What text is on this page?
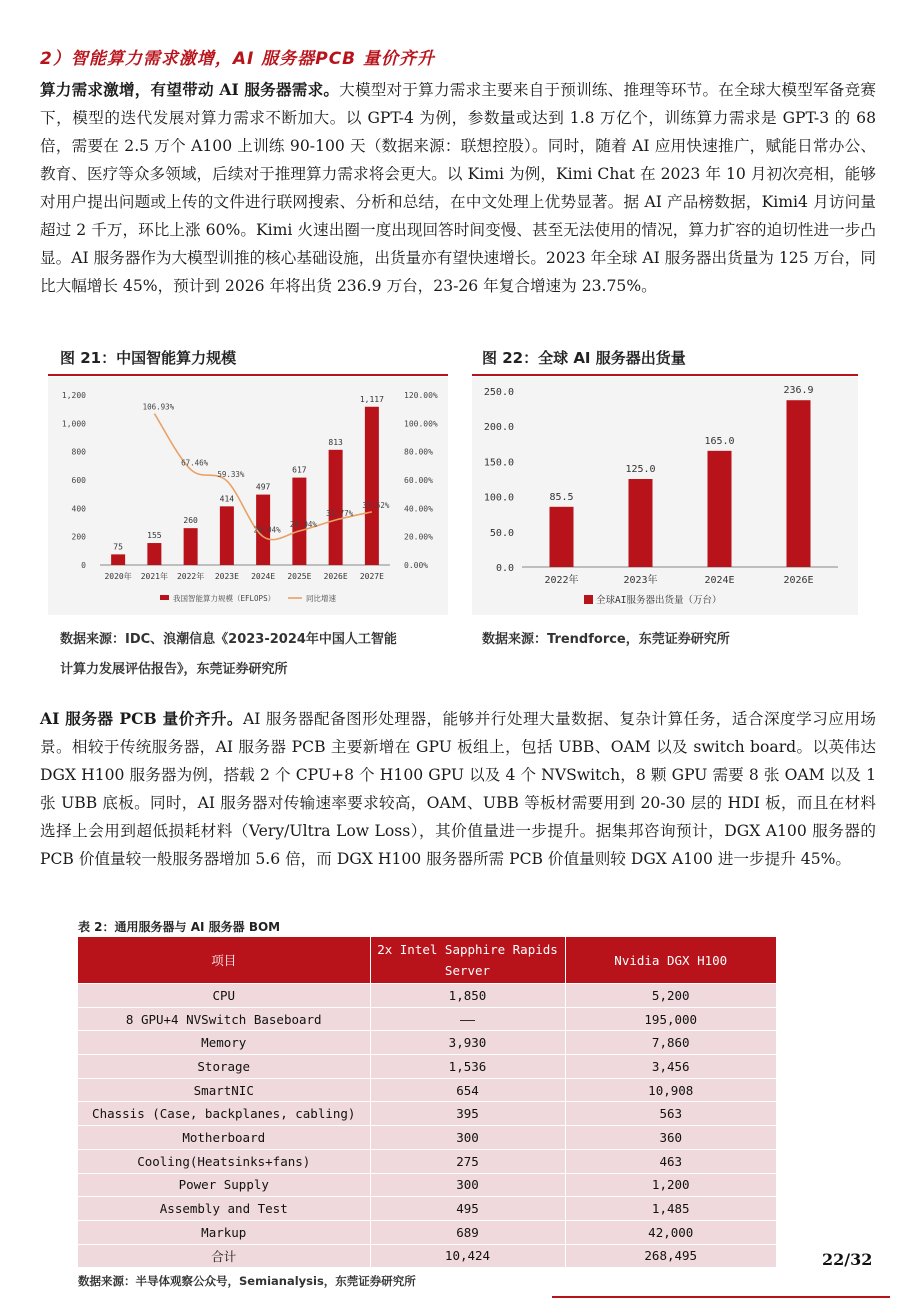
2）智能算力需求激增，AI 服务器PCB 量价齐升

算力需求激增，有望带动 AI 服务器需求。大模型对于算力需求主要来自于预训练、推理等环节。在全球大模型军备竞赛下，模型的迭代发展对算力需求不断加大。以 GPT-4 为例，参数量或达到 1.8 万亿个，训练算力需求是 GPT-3 的 68 倍，需要在 2.5 万个 A100 上训练 90-100 天（数据来源：联想控股）。同时，随着 AI 应用快速推广，赋能日常办公、教育、医疗等众多领域，后续对于推理算力需求将会更大。以 Kimi 为例，Kimi Chat 在 2023 年 10 月初次亮相，能够对用户提出问题或上传的文件进行联网搜索、分析和总结，在中文处理上优势显著。据 AI 产品榜数据，Kimi4 月访问量超过 2 千万，环比上涨 60%。Kimi 火速出圈一度出现回答时间变慢、甚至无法使用的情况，算力扩容的迫切性进一步凸显。AI 服务器作为大模型训推的核心基础设施，出货量亦有望快速增长。2023 年全球 AI 服务器出货量为 125 万台，同比大幅增长 45%，预计到 2026 年将出货 236.9 万台，23-26 年复合增速为 23.75%。

图 21：中国智能算力规模
0
200
400
600
800
1,000
1,200
0.00%
20.00%
40.00%
60.00%
80.00%
100.00%
120.00%
75
155
260
414
497
617
813
1,117
2020年 2021年 2022年 2023E 2024E 2025E 2026E 2027E
106.93%
67.46%
59.33%
20.04%
24.04%
31.77%
37.52%
我国智能算力规模（EFLOPS）	同比增速
数据来源：IDC、浪潮信息《2023-2024年中国人工智能
计算力发展评估报告》，东莞证券研究所
图 22：全球 AI 服务器出货量
0.0
50.0
100.0
150.0
200.0
250.0
85.5
125.0
165.0
236.9
2022年	2023年	2024E	2026E
全球AI服务器出货量（万台）
数据来源：Trendforce，东莞证券研究所

AI 服务器 PCB 量价齐升。AI 服务器配备图形处理器，能够并行处理大量数据、复杂计算任务，适合深度学习应用场景。相较于传统服务器，AI 服务器 PCB 主要新增在 GPU 板组上，包括 UBB、OAM 以及 switch board。以英伟达 DGX H100 服务器为例，搭载 2 个 CPU+8 个 H100 GPU 以及 4 个 NVSwitch，8 颗 GPU 需要 8 张 OAM 以及 1 张 UBB 底板。同时，AI 服务器对传输速率要求较高，OAM、UBB 等板材需要用到 20-30 层的 HDI 板，而且在材料选择上会用到超低损耗材料（Very/Ultra Low Loss），其价值量进一步提升。据集邦咨询预计，DGX A100 服务器的 PCB 价值量较一般服务器增加 5.6 倍，而 DGX H100 服务器所需 PCB 价值量则较 DGX A100 进一步提升 45%。

表 2：通用服务器与 AI 服务器 BOM
项目	2x Intel Sapphire Rapids Server	Nvidia DGX H100
CPU	1,850	5,200
8 GPU+4 NVSwitch Baseboard	——	195,000
Memory	3,930	7,860
Storage	1,536	3,456
SmartNIC	654	10,908
Chassis (Case, backplanes, cabling)	395	563
Motherboard	300	360
Cooling(Heatsinks+fans)	275	463
Power Supply	300	1,200
Assembly and Test	495	1,485
Markup	689	42,000
合计	10,424	268,495
数据来源：半导体观察公众号，Semianalysis，东莞证券研究所
22/32
